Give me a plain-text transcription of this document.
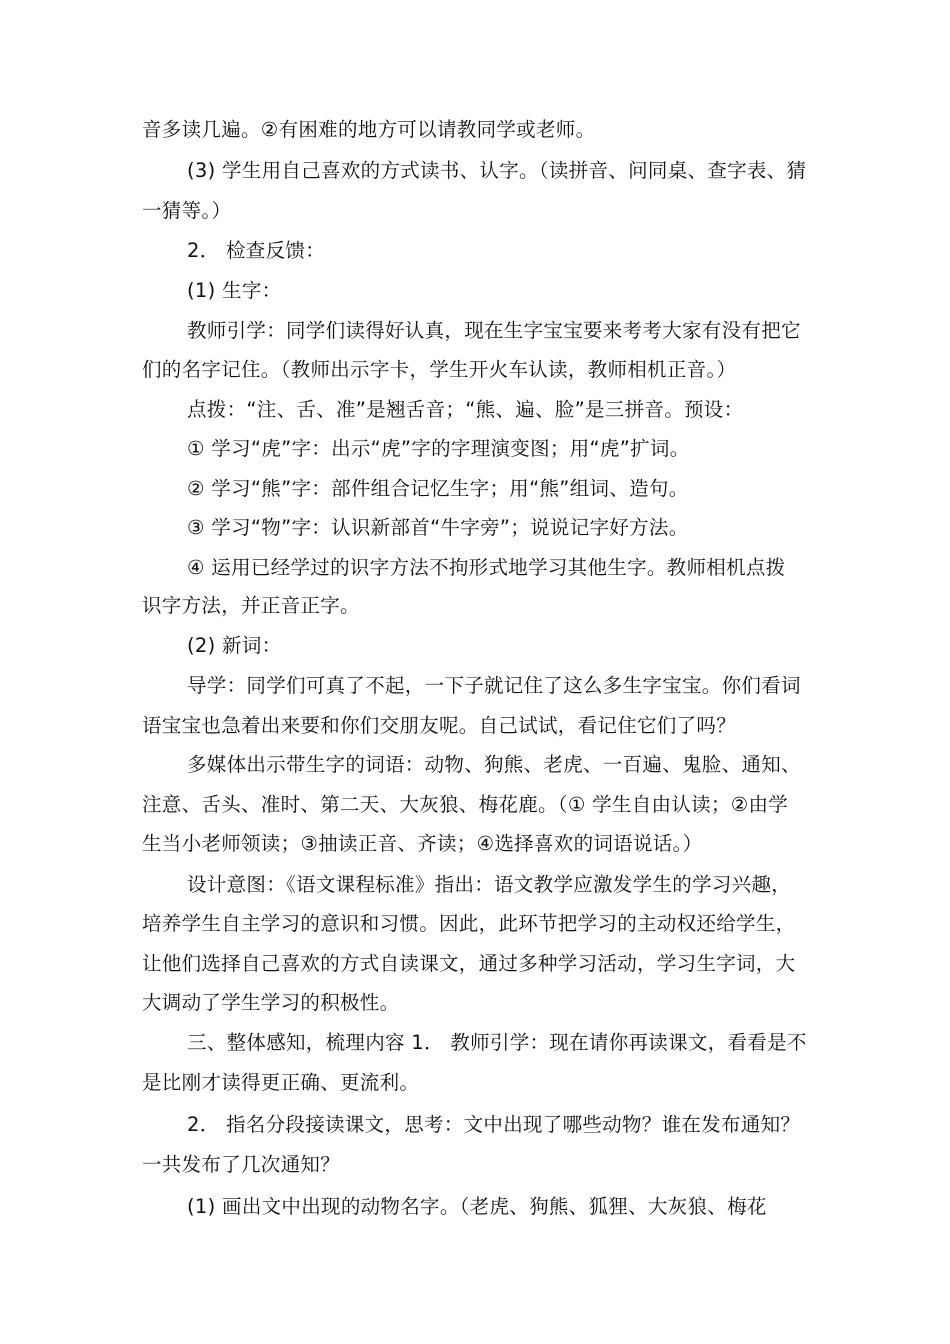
音多读几遍。②有困难的地方可以请教同学或老师。
(3) 学生用自己喜欢的方式读书、认字。（读拼音、问同桌、查字表、猜
一猜等。）
2． 检查反馈：
(1) 生字：
教师引学：同学们读得好认真，现在生字宝宝要来考考大家有没有把它
们的名字记住。（教师出示字卡，学生开火车认读，教师相机正音。）
点拨：“注、舌、准”是翘舌音；“熊、遍、脸”是三拼音。预设：
① 学习“虎”字：出示“虎”字的字理演变图；用“虎”扩词。
② 学习“熊”字：部件组合记忆生字；用“熊”组词、造句。
③ 学习“物”字：认识新部首“牛字旁”；说说记字好方法。
④ 运用已经学过的识字方法不拘形式地学习其他生字。教师相机点拨
识字方法，并正音正字。
(2) 新词：
导学：同学们可真了不起，一下子就记住了这么多生字宝宝。你们看词
语宝宝也急着出来要和你们交朋友呢。自己试试，看记住它们了吗？
多媒体出示带生字的词语：动物、狗熊、老虎、一百遍、鬼脸、通知、
注意、舌头、准时、第二天、大灰狼、梅花鹿。（① 学生自由认读；②由学
生当小老师领读；③抽读正音、齐读；④选择喜欢的词语说话。）
设计意图：《语文课程标准》指出：语文教学应激发学生的学习兴趣，
培养学生自主学习的意识和习惯。因此，此环节把学习的主动权还给学生，
让他们选择自己喜欢的方式自读课文，通过多种学习活动，学习生字词，大
大调动了学生学习的积极性。
三、整体感知，梳理内容 1． 教师引学：现在请你再读课文，看看是不
是比刚才读得更正确、更流利。
2． 指名分段接读课文，思考：文中出现了哪些动物？谁在发布通知？
一共发布了几次通知？
(1) 画出文中出现的动物名字。（老虎、狗熊、狐狸、大灰狼、梅花
